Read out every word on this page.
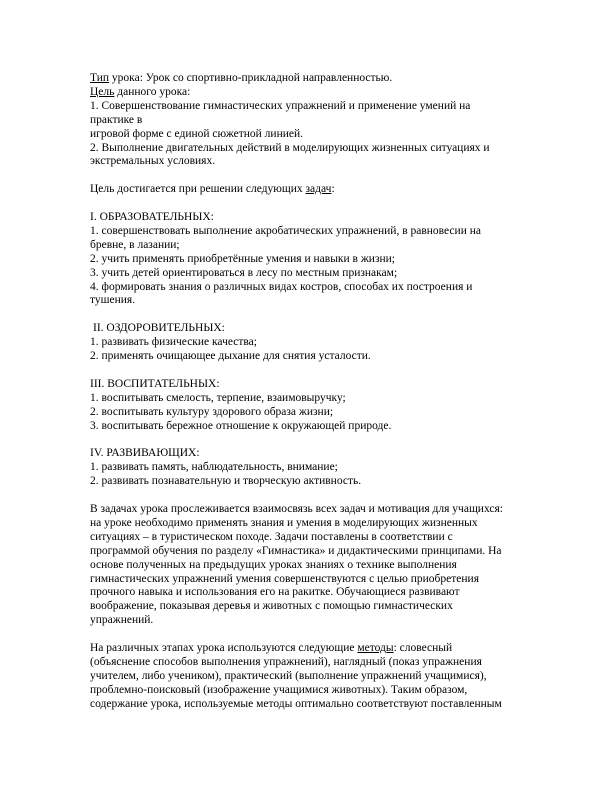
Тип урока: Урок со спортивно-прикладной направленностью.
Цель данного урока:
1. Совершенствование гимнастических упражнений и применение умений на
практике в
игровой форме с единой сюжетной линией.
2. Выполнение двигательных действий в моделирующих жизненных ситуациях и
экстремальных условиях.
Цель достигается при решении следующих задач:
I. ОБРАЗОВАТЕЛЬНЫХ:
1. совершенствовать выполнение акробатических упражнений, в равновесии на
бревне, в лазании;
2. учить применять приобретённые умения и навыки в жизни;
3. учить детей ориентироваться в лесу по местным признакам;
4. формировать знания о различных видах костров, способах их построения и
тушения.
II. ОЗДОРОВИТЕЛЬНЫХ:
1. развивать физические качества;
2. применять очищающее дыхание для снятия усталости.
III. ВОСПИТАТЕЛЬНЫХ:
1. воспитывать смелость, терпение, взаимовыручку;
2. воспитывать культуру здорового образа жизни;
3. воспитывать бережное отношение к окружающей природе.
IV. РАЗВИВАЮЩИХ:
1. развивать память, наблюдательность, внимание;
2. развивать познавательную и творческую активность.
В задачах урока прослеживается взаимосвязь всех задач и мотивация для учащихся:
на уроке необходимо применять знания и умения в моделирующих жизненных
ситуациях – в туристическом походе. Задачи поставлены в соответствии с
программой обучения по разделу «Гимнастика» и дидактическими принципами. На
основе полученных на предыдущих уроках знаниях о технике выполнения
гимнастических упражнений умения совершенствуются с целью приобретения
прочного навыка и использования его на ракитке. Обучающиеся развивают
воображение, показывая деревья и животных с помощью гимнастических
упражнений.
На различных этапах урока используются следующие методы: словесный
(объяснение способов выполнения упражнений), наглядный (показ упражнения
учителем, либо учеником), практический (выполнение упражнений учащимися),
проблемно-поисковый (изображение учащимися животных). Таким образом,
содержание урока, используемые методы оптимально соответствуют поставленным
